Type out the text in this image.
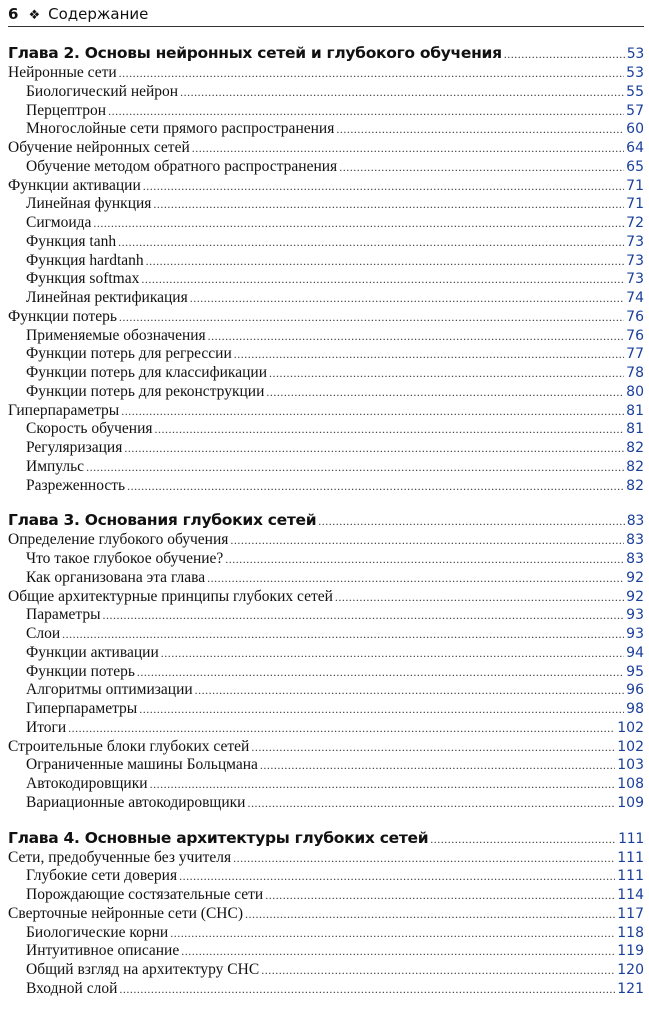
6 ❖ Содержание
Глава 2. Основы нейронных сетей и глубокого обучения .....	53
Нейронные сети .....	53
Биологический нейрон .....	55
Перцептрон .....	57
Многослойные сети прямого распространения .....	60
Обучение нейронных сетей .....	64
Обучение методом обратного распространения .....	65
Функции активации .....	71
Линейная функция .....	71
Сигмоида .....	72
Функция tanh .....	73
Функция hardtanh .....	73
Функция softmax .....	73
Линейная ректификация .....	74
Функции потерь .....	76
Применяемые обозначения .....	76
Функции потерь для регрессии .....	77
Функции потерь для классификации .....	78
Функции потерь для реконструкции .....	80
Гиперпараметры .....	81
Скорость обучения .....	81
Регуляризация .....	82
Импульс .....	82
Разреженность .....	82
Глава 3. Основания глубоких сетей .....	83
Определение глубокого обучения .....	83
Что такое глубокое обучение? .....	83
Как организована эта глава .....	92
Общие архитектурные принципы глубоких сетей .....	92
Параметры .....	93
Слои .....	93
Функции активации .....	94
Функции потерь .....	95
Алгоритмы оптимизации .....	96
Гиперпараметры .....	98
Итоги .....	102
Строительные блоки глубоких сетей .....	102
Ограниченные машины Больцмана .....	103
Автокодировщики .....	108
Вариационные автокодировщики .....	109
Глава 4. Основные архитектуры глубоких сетей .....	111
Сети, предобученные без учителя .....	111
Глубокие сети доверия .....	111
Порождающие состязательные сети .....	114
Сверточные нейронные сети (СНС) .....	117
Биологические корни .....	118
Интуитивное описание .....	119
Общий взгляд на архитектуру СНС .....	120
Входной слой .....	121
